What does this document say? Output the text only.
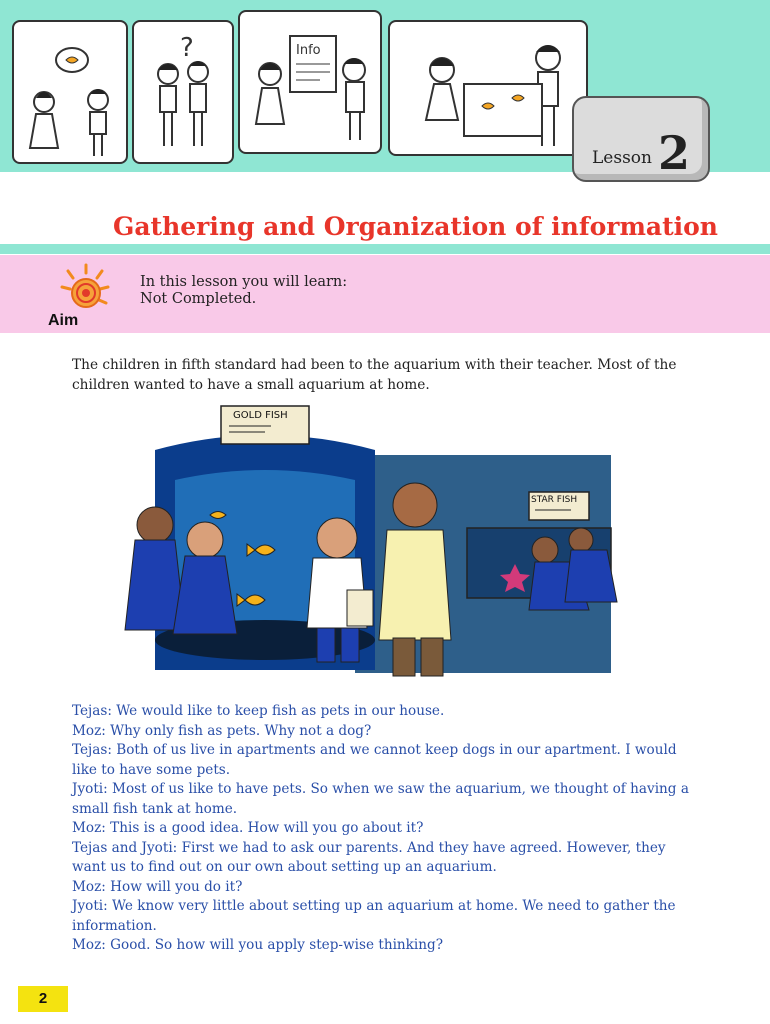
?	Info
Lesson 2
Gathering and Organization of information
Aim
In this lesson you will learn:
Not Completed.

The children in fifth standard had been to the aquarium with their teacher. Most of the children wanted to have a small aquarium at home.

GOLD FISH
STAR FISH
Tejas: We would like to keep fish as pets in our house.
Moz: Why only fish as pets. Why not a dog?
Tejas: Both of us live in apartments and we cannot keep dogs in our apartment. I would like to have some pets.
Jyoti: Most of us like to have pets. So when we saw the aquarium, we thought of having a small fish tank at home.
Moz: This is a good idea. How will you go about it?
Tejas and Jyoti: First we had to ask our parents. And they have agreed. However, they want us to find out on our own about setting up an aquarium.
Moz: How will you do it?
Jyoti: We know very little about setting up an aquarium at home. We need to gather the information.
Moz: Good. So how will you apply step-wise thinking?
2
